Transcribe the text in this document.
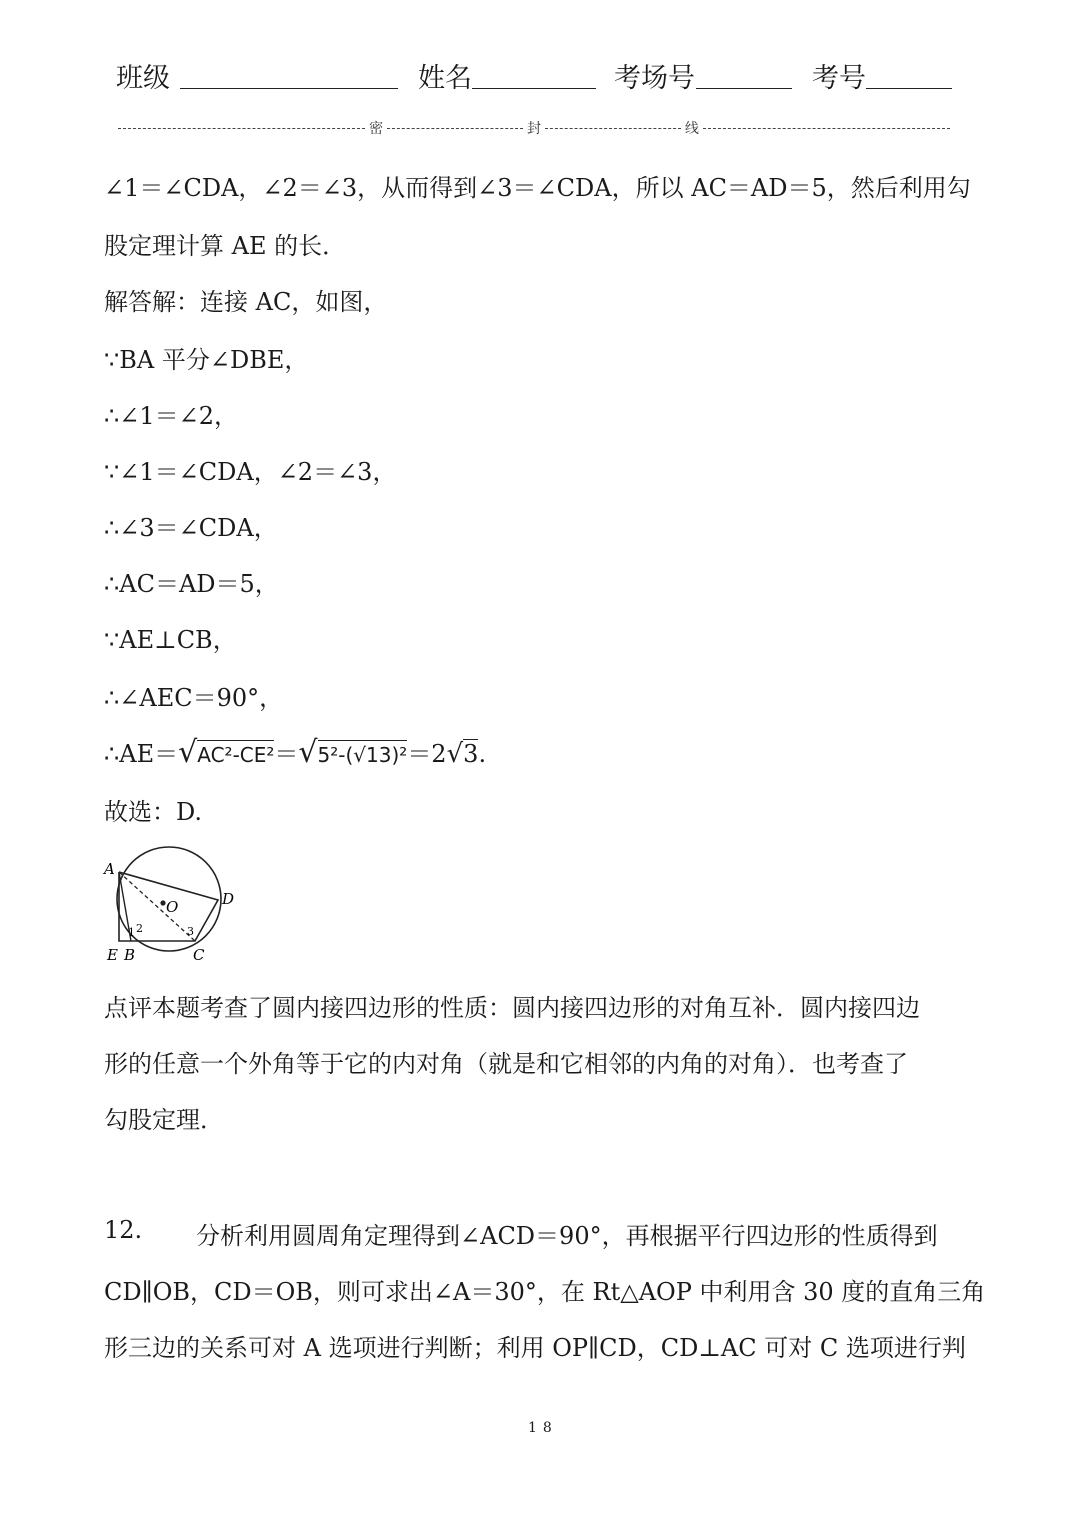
班级	姓名	考场号	考号
密	封	线
∠1＝∠CDA，∠2＝∠3，从而得到∠3＝∠CDA，所以 AC＝AD＝5，然后利用勾
股定理计算 AE 的长．
解答解：连接 AC，如图，
∵BA 平分∠DBE，
∴∠1＝∠2，
∵∠1＝∠CDA，∠2＝∠3，
∴∠3＝∠CDA，
∴AC＝AD＝5，
∵AE⊥CB，
∴∠AEC＝90°，
∴AE＝√AC²-CE²＝√5²-(√13)²＝2√3.
故选：D.
A
D
O
E B	C
1 2	3
点评本题考查了圆内接四边形的性质：圆内接四边形的对角互补．圆内接四边
形的任意一个外角等于它的内对角（就是和它相邻的内角的对角）．也考查了
勾股定理．
12. 分析利用圆周角定理得到∠ACD＝90°，再根据平行四边形的性质得到
CD∥OB，CD＝OB，则可求出∠A＝30°，在 Rt△AOP 中利用含 30 度的直角三角
形三边的关系可对 A 选项进行判断；利用 OP∥CD，CD⊥AC 可对 C 选项进行判
18
